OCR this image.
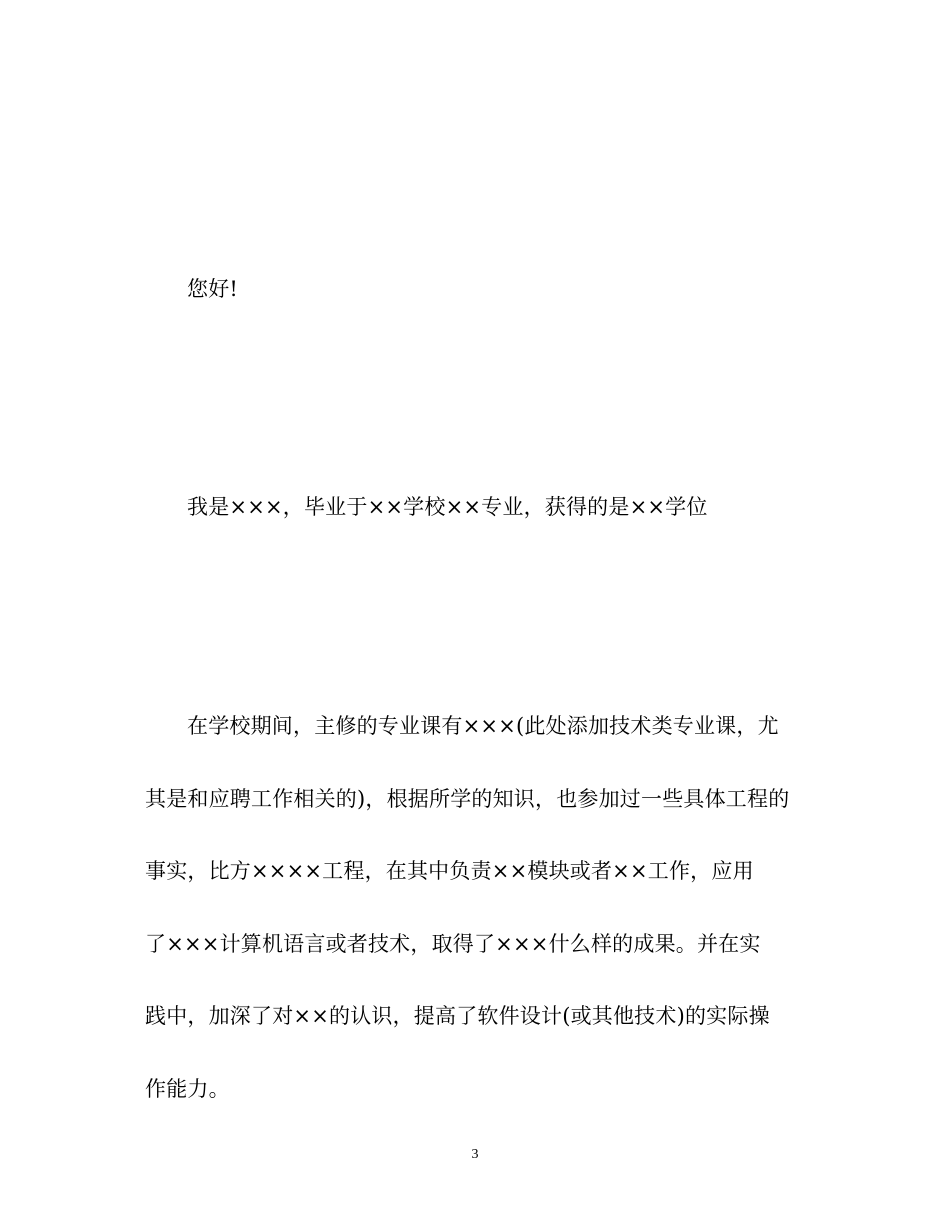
您好!

我是×××，毕业于××学校××专业，获得的是××学位

在学校期间，主修的专业课有×××(此处添加技术类专业课，尤

其是和应聘工作相关的)，根据所学的知识，也参加过一些具体工程的

事实，比方××××工程，在其中负责××模块或者××工作，应用

了×××计算机语言或者技术，取得了×××什么样的成果。并在实

践中，加深了对××的认识，提高了软件设计(或其他技术)的实际操

作能力。

3
